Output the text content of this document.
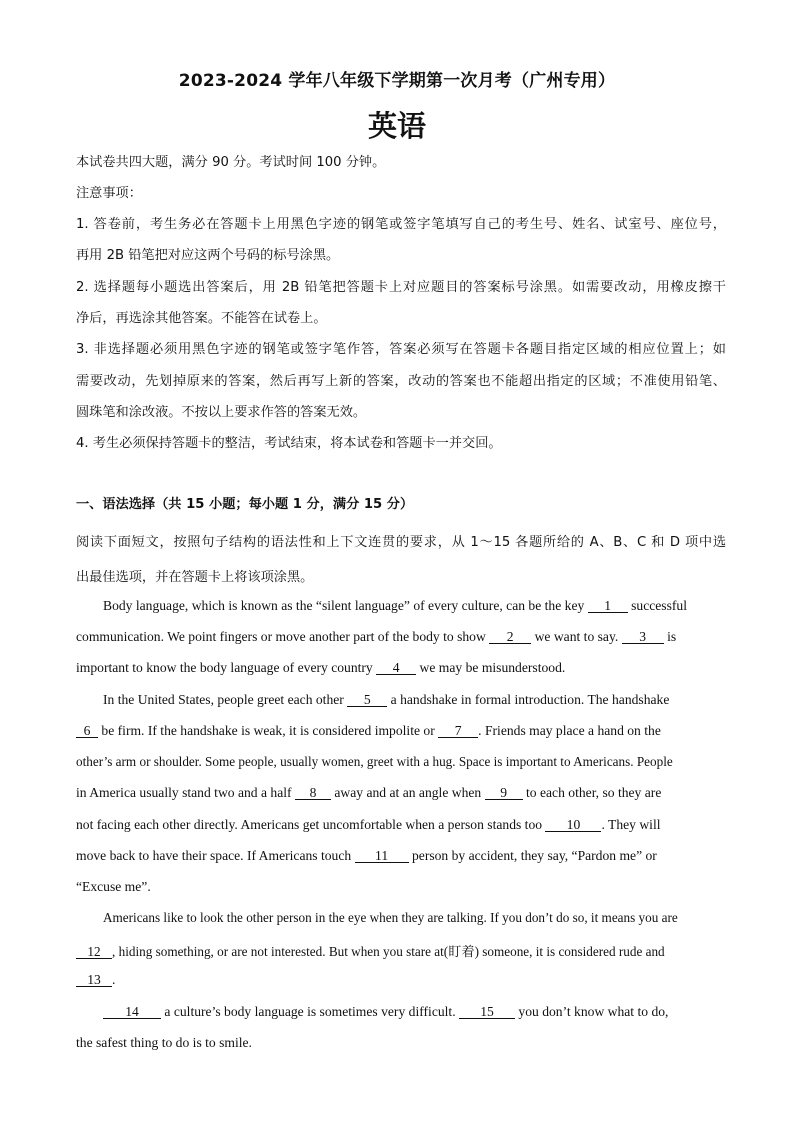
2023-2024 学年八年级下学期第一次月考（广州专用）
英语
本试卷共四大题，满分 90 分。考试时间 100 分钟。
注意事项：
1. 答卷前，考生务必在答题卡上用黑色字迹的钢笔或签字笔填写自己的考生号、姓名、试室号、座位号，
再用 2B 铅笔把对应这两个号码的标号涂黑。
2. 选择题每小题选出答案后，用 2B 铅笔把答题卡上对应题目的答案标号涂黑。如需要改动，用橡皮擦干
净后，再选涂其他答案。不能答在试卷上。
3. 非选择题必须用黑色字迹的钢笔或签字笔作答，答案必须写在答题卡各题目指定区域的相应位置上；如
需要改动，先划掉原来的答案，然后再写上新的答案，改动的答案也不能超出指定的区域；不准使用铅笔、
圆珠笔和涂改液。不按以上要求作答的答案无效。
4. 考生必须保持答题卡的整洁，考试结束，将本试卷和答题卡一并交回。
一、语法选择（共 15 小题；每小题 1 分，满分 15 分）
阅读下面短文，按照句子结构的语法性和上下文连贯的要求，从 1～15 各题所给的 A、B、C 和 D 项中选
出最佳选项，并在答题卡上将该项涂黑。
Body language, which is known as the “silent language” of every culture, can be the key 1 successful
communication. We point fingers or move another part of the body to show 2 we want to say. 3 is
important to know the body language of every country 4 we may be misunderstood.
In the United States, people greet each other 5 a handshake in formal introduction. The handshake
6 be firm. If the handshake is weak, it is considered impolite or 7 . Friends may place a hand on the
other’s arm or shoulder. Some people, usually women, greet with a hug. Space is important to Americans. People
in America usually stand two and a half 8 away and at an angle when 9 to each other, so they are
not facing each other directly. Americans get uncomfortable when a person stands too 10 . They will
move back to have their space. If Americans touch 11 person by accident, they say, “Pardon me” or
“Excuse me”.
Americans like to look the other person in the eye when they are talking. If you don’t do so, it means you are
12 , hiding something, or are not interested. But when you stare at(盯着) someone, it is considered rude and
13 .
14 a culture’s body language is sometimes very difficult. 15 you don’t know what to do,
the safest thing to do is to smile.
